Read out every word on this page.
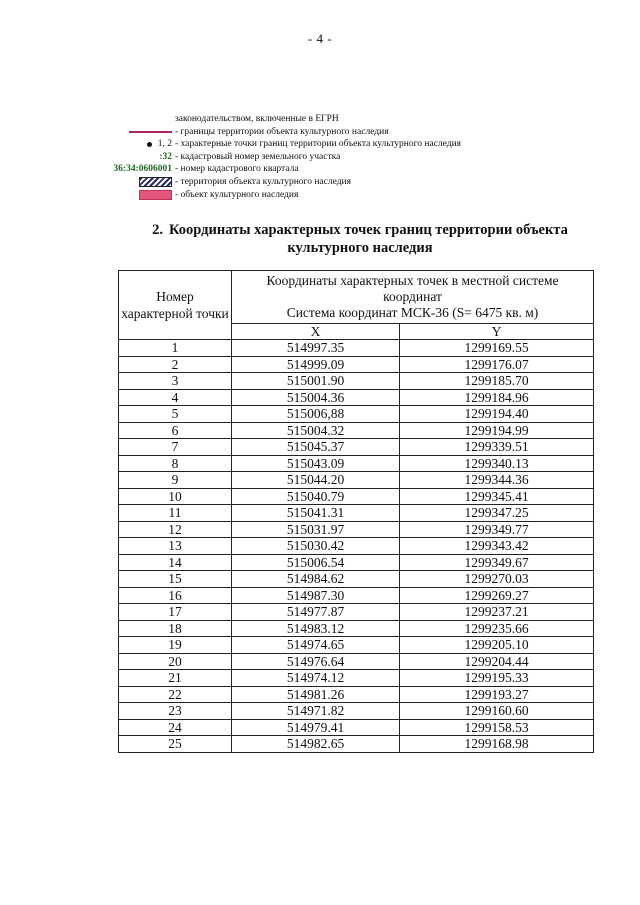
- 4 -
законодательством, включенные в ЕГРН
- границы территории объекта культурного наследия
1, 2 - характерные точки границ территории объекта культурного наследия
:32 - кадастровый номер земельного участка
36:34:0606001 - номер кадастрового квартала
- территория объекта культурного наследия
- объект культурного наследия
2. Координаты характерных точек границ территории объекта
культурного наследия
Номер характерной точки	Координаты характерных точек в местной системе
координат
Система координат МСК-36 (S= 6475 кв. м)	

	X	Y
1	514997.35	1299169.55
2	514999.09	1299176.07
3	515001.90	1299185.70
4	515004.36	1299184.96
5	515006,88	1299194.40
6	515004.32	1299194.99
7	515045.37	1299339.51
8	515043.09	1299340.13
9	515044.20	1299344.36
10	515040.79	1299345.41
11	515041.31	1299347.25
12	515031.97	1299349.77
13	515030.42	1299343.42
14	515006.54	1299349.67
15	514984.62	1299270.03
16	514987.30	1299269.27
17	514977.87	1299237.21
18	514983.12	1299235.66
19	514974.65	1299205.10
20	514976.64	1299204.44
21	514974.12	1299195.33
22	514981.26	1299193.27
23	514971.82	1299160.60
24	514979.41	1299158.53
25	514982.65	1299168.98
